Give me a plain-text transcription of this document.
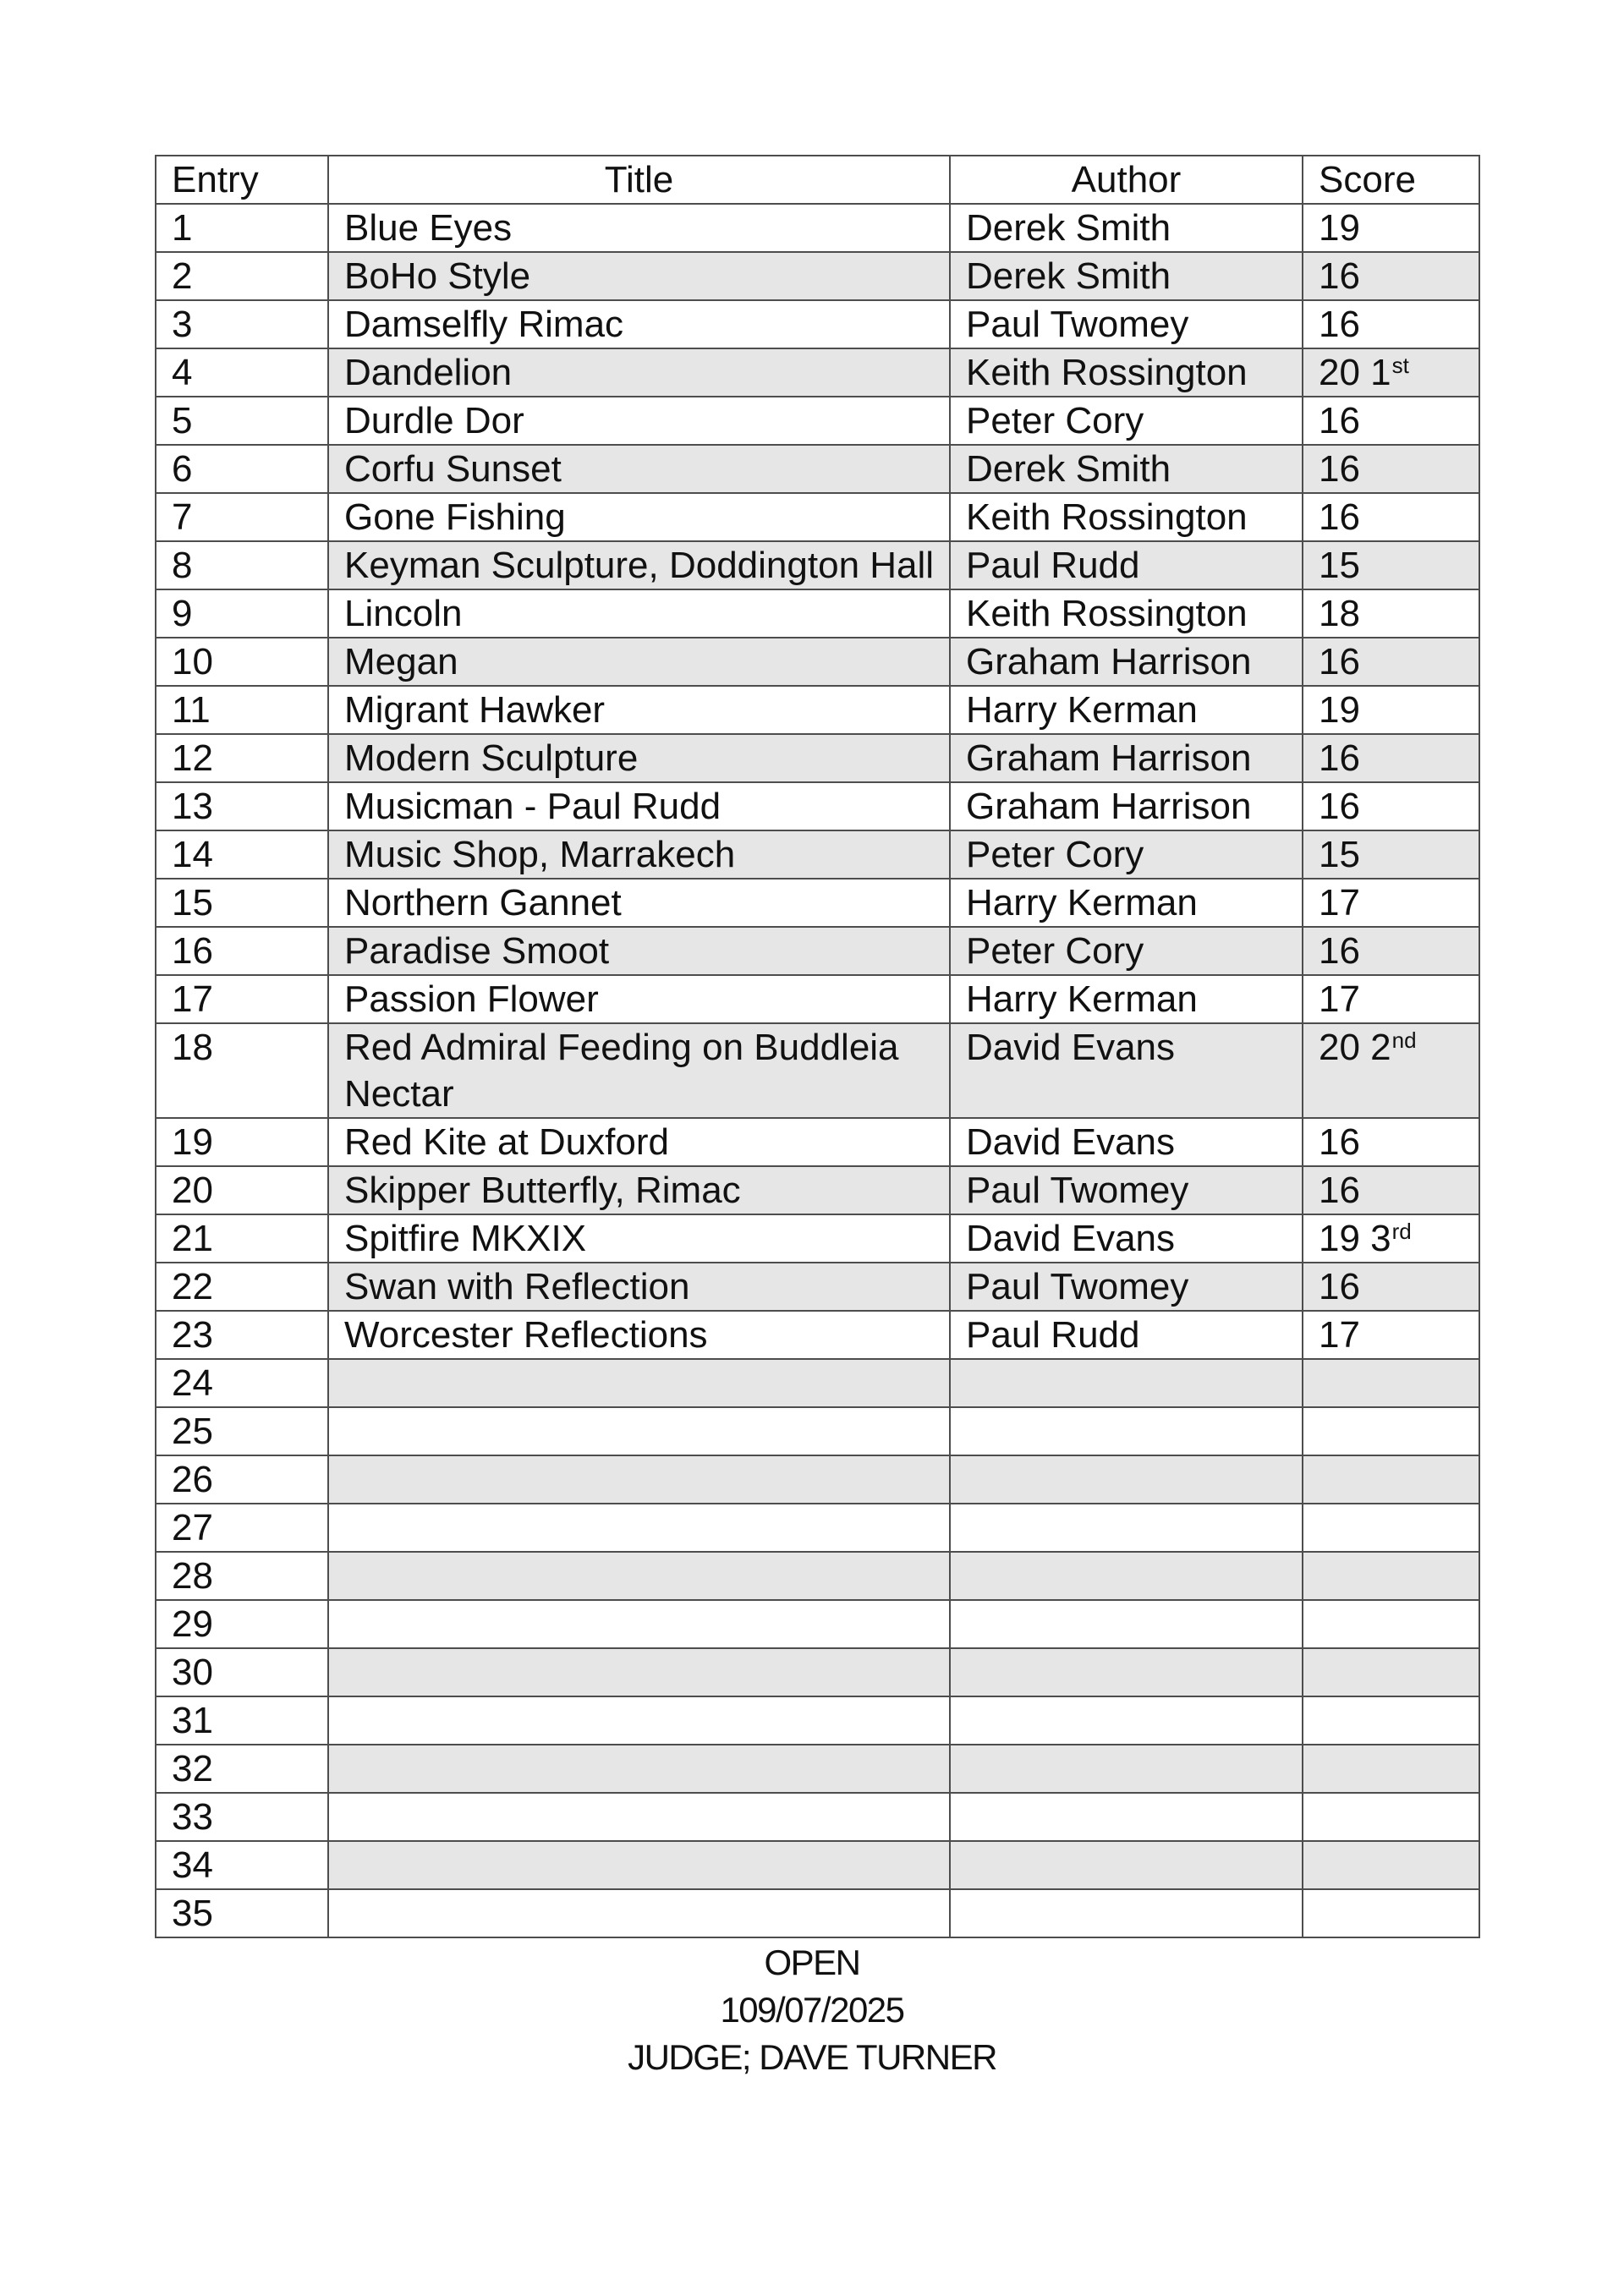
Entry	Title	Author	Score
1	Blue Eyes	Derek Smith	19
2	BoHo Style	Derek Smith	16
3	Damselfly Rimac	Paul Twomey	16
4	Dandelion	Keith Rossington	20 1st
5	Durdle Dor	Peter Cory	16
6	Corfu Sunset	Derek Smith	16
7	Gone Fishing	Keith Rossington	16
8	Keyman Sculpture, Doddington Hall	Paul Rudd	15
9	Lincoln	Keith Rossington	18
10	Megan	Graham Harrison	16
11	Migrant Hawker	Harry Kerman	19
12	Modern Sculpture	Graham Harrison	16
13	Musicman - Paul Rudd	Graham Harrison	16
14	Music Shop, Marrakech	Peter Cory	15
15	Northern Gannet	Harry Kerman	17
16	Paradise Smoot	Peter Cory	16
17	Passion Flower	Harry Kerman	17
18	Red Admiral Feeding on Buddleia Nectar	David Evans	20 2nd
19	Red Kite at Duxford	David Evans	16
20	Skipper Butterfly, Rimac	Paul Twomey	16
21	Spitfire MKXIX	David Evans	19 3rd
22	Swan with Reflection	Paul Twomey	16
23	Worcester Reflections	Paul Rudd	17
24			
25			
26			
27			
28			
29			
30			
31			
32			
33			
34			
35			
OPEN
109/07/2025
JUDGE; DAVE TURNER
